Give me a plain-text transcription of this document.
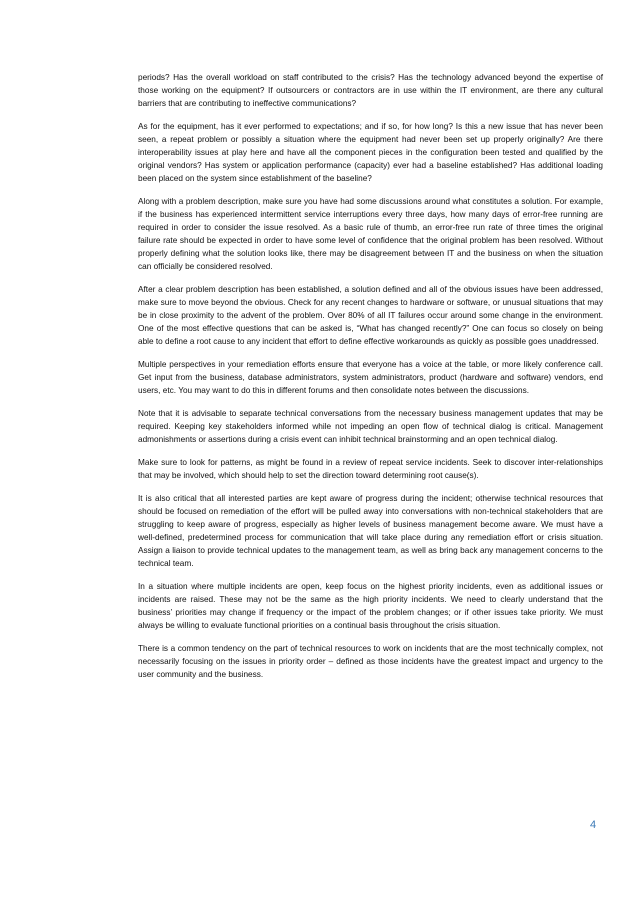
periods? Has the overall workload on staff contributed to the crisis? Has the technology advanced beyond the expertise of those working on the equipment? If outsourcers or contractors are in use within the IT environment, are there any cultural barriers that are contributing to ineffective communications?

As for the equipment, has it ever performed to expectations; and if so, for how long? Is this a new issue that has never been seen, a repeat problem or possibly a situation where the equipment had never been set up properly originally? Are there interoperability issues at play here and have all the component pieces in the configuration been tested and qualified by the original vendors? Has system or application performance (capacity) ever had a baseline established? Has additional loading been placed on the system since establishment of the baseline?

Along with a problem description, make sure you have had some discussions around what constitutes a solution. For example, if the business has experienced intermittent service interruptions every three days, how many days of error-free running are required in order to consider the issue resolved. As a basic rule of thumb, an error-free run rate of three times the original failure rate should be expected in order to have some level of confidence that the original problem has been resolved. Without properly defining what the solution looks like, there may be disagreement between IT and the business on when the situation can officially be considered resolved.

After a clear problem description has been established, a solution defined and all of the obvious issues have been addressed, make sure to move beyond the obvious. Check for any recent changes to hardware or software, or unusual situations that may be in close proximity to the advent of the problem. Over 80% of all IT failures occur around some change in the environment. One of the most effective questions that can be asked is, “What has changed recently?” One can focus so closely on being able to define a root cause to any incident that effort to define effective workarounds as quickly as possible goes unaddressed.

Multiple perspectives in your remediation efforts ensure that everyone has a voice at the table, or more likely conference call. Get input from the business, database administrators, system administrators, product (hardware and software) vendors, end users, etc. You may want to do this in different forums and then consolidate notes between the discussions.

Note that it is advisable to separate technical conversations from the necessary business management updates that may be required. Keeping key stakeholders informed while not impeding an open flow of technical dialog is critical. Management admonishments or assertions during a crisis event can inhibit technical brainstorming and an open technical dialog.

Make sure to look for patterns, as might be found in a review of repeat service incidents. Seek to discover inter-relationships that may be involved, which should help to set the direction toward determining root cause(s).

It is also critical that all interested parties are kept aware of progress during the incident; otherwise technical resources that should be focused on remediation of the effort will be pulled away into conversations with non-technical stakeholders that are struggling to keep aware of progress, especially as higher levels of business management become aware. We must have a well-defined, predetermined process for communication that will take place during any remediation effort or crisis situation. Assign a liaison to provide technical updates to the management team, as well as bring back any management concerns to the technical team.

In a situation where multiple incidents are open, keep focus on the highest priority incidents, even as additional issues or incidents are raised. These may not be the same as the high priority incidents. We need to clearly understand that the business’ priorities may change if frequency or the impact of the problem changes; or if other issues take priority. We must always be willing to evaluate functional priorities on a continual basis throughout the crisis situation.

There is a common tendency on the part of technical resources to work on incidents that are the most technically complex, not necessarily focusing on the issues in priority order – defined as those incidents have the greatest impact and urgency to the user community and the business.

4
